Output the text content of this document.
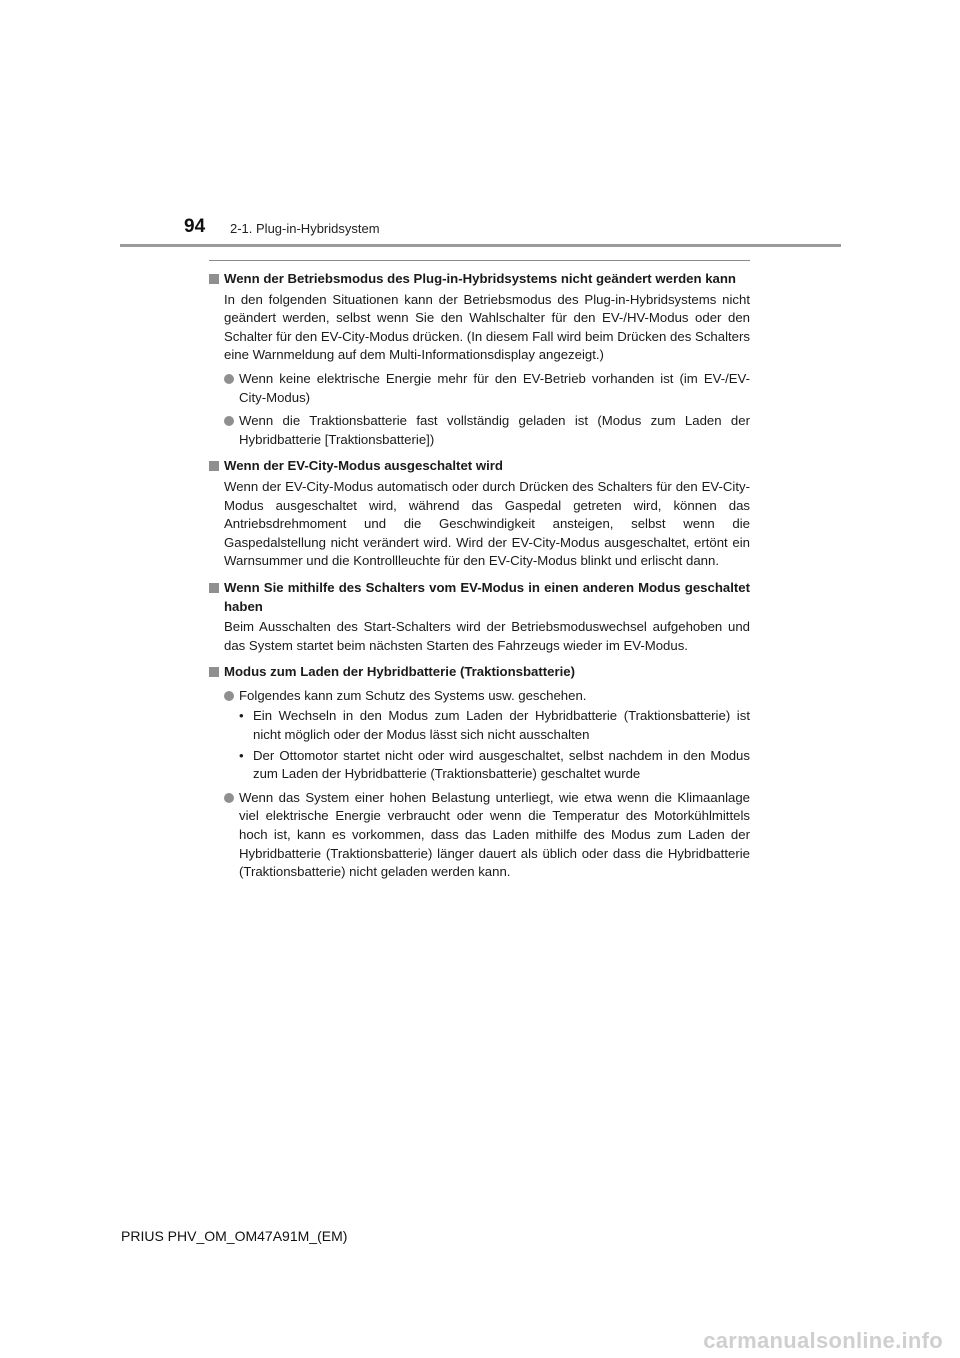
94 2-1. Plug-in-Hybridsystem
Wenn der Betriebsmodus des Plug-in-Hybridsystems nicht geändert werden kann
In den folgenden Situationen kann der Betriebsmodus des Plug-in-Hybridsystems nicht geändert werden, selbst wenn Sie den Wahlschalter für den EV-/HV-Modus oder den Schalter für den EV-City-Modus drücken. (In diesem Fall wird beim Drücken des Schalters eine Warnmeldung auf dem Multi-Informationsdisplay angezeigt.)
Wenn keine elektrische Energie mehr für den EV-Betrieb vorhanden ist (im EV-/EV-City-Modus)
Wenn die Traktionsbatterie fast vollständig geladen ist (Modus zum Laden der Hybridbatterie [Traktionsbatterie])
Wenn der EV-City-Modus ausgeschaltet wird
Wenn der EV-City-Modus automatisch oder durch Drücken des Schalters für den EV-City-Modus ausgeschaltet wird, während das Gaspedal getreten wird, können das Antriebsdrehmoment und die Geschwindigkeit ansteigen, selbst wenn die Gaspedalstellung nicht verändert wird. Wird der EV-City-Modus ausgeschaltet, ertönt ein Warnsummer und die Kontrollleuchte für den EV-City-Modus blinkt und erlischt dann.
Wenn Sie mithilfe des Schalters vom EV-Modus in einen anderen Modus geschaltet haben
Beim Ausschalten des Start-Schalters wird der Betriebsmoduswechsel aufgehoben und das System startet beim nächsten Starten des Fahrzeugs wieder im EV-Modus.
Modus zum Laden der Hybridbatterie (Traktionsbatterie)
Folgendes kann zum Schutz des Systems usw. geschehen.
• Ein Wechseln in den Modus zum Laden der Hybridbatterie (Traktionsbatterie) ist nicht möglich oder der Modus lässt sich nicht ausschalten
• Der Ottomotor startet nicht oder wird ausgeschaltet, selbst nachdem in den Modus zum Laden der Hybridbatterie (Traktionsbatterie) geschaltet wurde
Wenn das System einer hohen Belastung unterliegt, wie etwa wenn die Klimaanlage viel elektrische Energie verbraucht oder wenn die Temperatur des Motorkühlmittels hoch ist, kann es vorkommen, dass das Laden mithilfe des Modus zum Laden der Hybridbatterie (Traktionsbatterie) länger dauert als üblich oder dass die Hybridbatterie (Traktionsbatterie) nicht geladen werden kann.
PRIUS PHV_OM_OM47A91M_(EM)
carmanualsonline.info
